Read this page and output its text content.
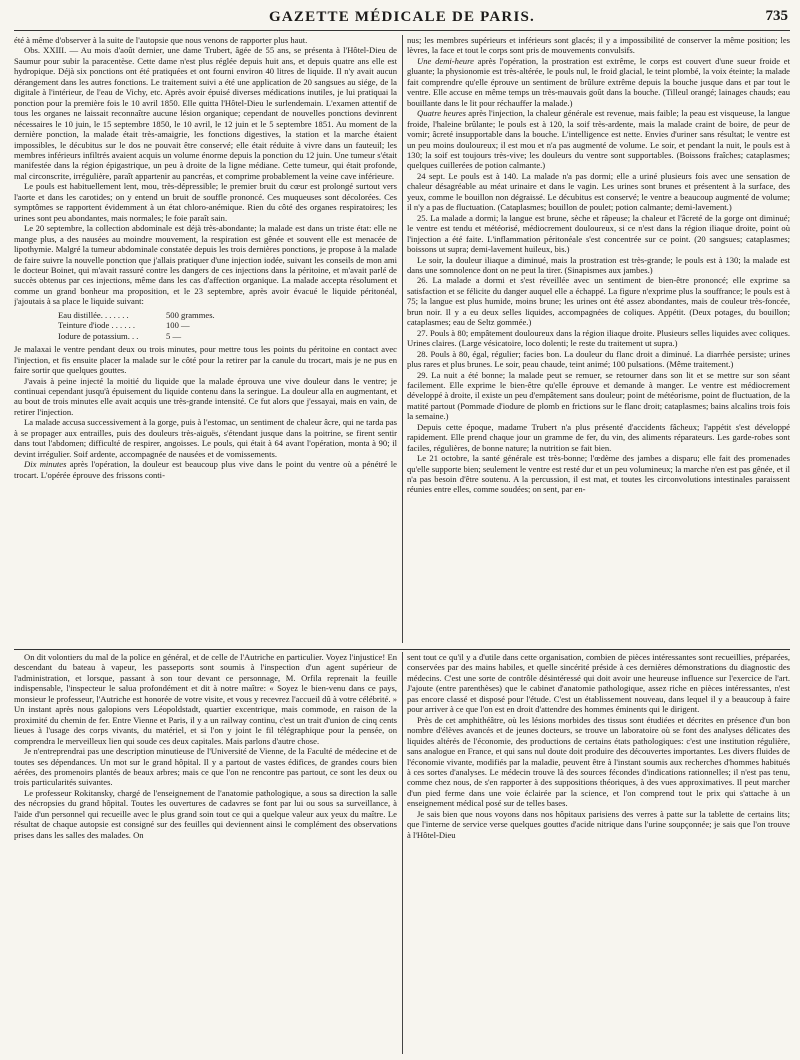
GAZETTE MÉDICALE DE PARIS.	735

été à même d'observer à la suite de l'autopsie que nous venons de rapporter plus haut.

Obs. XXIII. — Au mois d'août dernier, une dame Trubert, âgée de 55 ans, se présenta à l'Hôtel-Dieu de Saumur pour subir la paracentèse. Cette dame n'est plus réglée depuis huit ans, et depuis quatre ans elle est hydropique. Déjà six ponctions ont été pratiquées et ont fourni environ 40 litres de liquide. Il n'y avait aucun dérangement dans les autres fonctions. Le traitement suivi a été une application de 20 sangsues au siége, de la digitale à l'intérieur, de l'eau de Vichy, etc. Après avoir épuisé diverses médications inutiles, je lui pratiquai la ponction pour la première fois le 10 avril 1850. Elle quitta l'Hôtel-Dieu le surlendemain. L'examen attentif de tous les organes ne laissait reconnaître aucune lésion organique; cependant de nouvelles ponctions devinrent nécessaires le 10 juin, le 15 septembre 1850, le 10 avril, le 12 juin et le 5 septembre 1851. Au moment de la dernière ponction, la malade était très-amaigrie, les fonctions digestives, la station et la marche étaient impossibles, le décubitus sur le dos ne pouvait être conservé; elle était réduite à vivre dans un fauteuil; les membres inférieurs infiltrés avaient acquis un volume énorme depuis la ponction du 12 juin. Une tumeur s'était manifestée dans la région épigastrique, un peu à droite de la ligne médiane. Cette tumeur, qui était profonde, mal circonscrite, irrégulière, paraît appartenir au pancréas, et comprime probablement la veine cave inférieure.

Le pouls est habituellement lent, mou, très-dépressible; le premier bruit du cœur est prolongé surtout vers l'aorte et dans les carotides; on y entend un bruit de souffle prononcé. Ces muqueuses sont décolorées. Ces symptômes se rapportent évidemment à un état chloro-anémique. Rien du côté des organes respiratoires; les urines sont peu abondantes, mais normales; le foie paraît sain.

Le 20 septembre, la collection abdominale est déjà très-abondante; la malade est dans un triste état: elle ne mange plus, a des nausées au moindre mouvement, la respiration est gênée et souvent elle est menacée de lipothymie. Malgré la tumeur abdominale constatée depuis les trois dernières ponctions, je propose à la malade de faire suivre la nouvelle ponction que j'allais pratiquer d'une injection iodée, suivant les conseils de mon ami le docteur Boinet, qui m'avait rassuré contre les dangers de ces injections dans la péritoine, et m'avait parlé de succès obtenus par ces injections, même dans les cas d'affection organique. La malade accepta résolument et comme un grand bonheur ma proposition, et le 23 septembre, après avoir évacué le liquide péritonéal, j'ajoutais à sa place le liquide suivant:

Eau distillée. . . . . . .	500 grammes.
Teinture d'iode . . . . . .	100 —
Iodure de potassium. . .	5 —

Je malaxai le ventre pendant deux ou trois minutes, pour mettre tous les points du péritoine en contact avec l'injection, et fis ensuite placer la malade sur le côté pour la retirer par la canule du trocart, mais je ne pus en faire sortir que quelques gouttes.

J'avais à peine injecté la moitié du liquide que la malade éprouva une vive douleur dans le ventre; je continuai cependant jusqu'à épuisement du liquide contenu dans la seringue. La douleur alla en augmentant, et au bout de trois minutes elle avait acquis une très-grande intensité. Ce fut alors que j'essayai, mais en vain, de retirer l'injection.

La malade accusa successivement à la gorge, puis à l'estomac, un sentiment de chaleur âcre, qui ne tarda pas à se propager aux entrailles, puis des douleurs très-aiguës, s'étendant jusque dans la poitrine, se firent sentir dans tout l'abdomen; difficulté de respirer, angoisses. Le pouls, qui était à 64 avant l'opération, monta à 90; il devint irrégulier. Soif ardente, accompagnée de nausées et de vomissements.

Dix minutes après l'opération, la douleur est beaucoup plus vive dans le point du ventre où a pénétré le trocart. L'opérée éprouve des frissons conti-

nus; les membres supérieurs et inférieurs sont glacés; il y a impossibilité de conserver la même position; les lèvres, la face et tout le corps sont pris de mouvements convulsifs.

Une demi-heure après l'opération, la prostration est extrême, le corps est couvert d'une sueur froide et gluante; la physionomie est très-altérée, le pouls nul, le froid glacial, le teint plombé, la voix éteinte; la malade fait comprendre qu'elle éprouve un sentiment de brûlure extrême depuis la bouche jusque dans et par tout le ventre. Elle accuse en même temps un très-mauvais goût dans la bouche. (Tilleul orangé; lainages chauds; eau bouillante dans le lit pour réchauffer la malade.)

Quatre heures après l'injection, la chaleur générale est revenue, mais faible; la peau est visqueuse, la langue froide, l'haleine brûlante; le pouls est à 120, la soif très-ardente, mais la malade craint de boire, de peur de vomir; âcreté insupportable dans la bouche. L'intelligence est nette. Envies d'uriner sans résultat; le ventre est un peu moins douloureux; il est mou et n'a pas augmenté de volume. Le soir, et pendant la nuit, le pouls est à 130; la soif est toujours très-vive; les douleurs du ventre sont supportables. (Boissons fraîches; cataplasmes; quelques cuillerées de potion calmante.)

24 sept. Le pouls est à 140. La malade n'a pas dormi; elle a uriné plusieurs fois avec une sensation de chaleur désagréable au méat urinaire et dans le vagin. Les urines sont brunes et présentent à la surface, des yeux, comme le bouillon non dégraissé. Le décubitus est conservé; le ventre a beaucoup augmenté de volume; il n'y a pas de fluctuation. (Cataplasmes; bouillon de poulet; potion calmante; demi-lavement.)

25. La malade a dormi; la langue est brune, sèche et râpeuse; la chaleur et l'âcreté de la gorge ont diminué; le ventre est tendu et météorisé, médiocrement douloureux, si ce n'est dans la région iliaque droite, point où l'injection a été faite. L'inflammation péritonéale s'est concentrée sur ce point. (20 sangsues; cataplasmes; boissons ut supra; demi-lavement huileux, bis.)

Le soir, la douleur iliaque a diminué, mais la prostration est très-grande; le pouls est à 130; la malade est dans une somnolence dont on ne peut la tirer. (Sinapismes aux jambes.)

26. La malade a dormi et s'est réveillée avec un sentiment de bien-être prononcé; elle exprime sa satisfaction et se félicite du danger auquel elle a échappé. La figure n'exprime plus la souffrance; le pouls est à 75; la langue est plus humide, moins brune; les urines ont été assez abondantes, mais de couleur très-foncée, brun noir. Il y a eu deux selles liquides, accompagnées de coliques. Appétit. (Deux potages, du bouillon; cataplasmes; eau de Seltz gommée.)

27. Pouls à 80; empâtement douloureux dans la région iliaque droite. Plusieurs selles liquides avec coliques. Urines claires. (Large vésicatoire, loco dolenti; le reste du traitement ut supra.)

28. Pouls à 80, égal, régulier; facies bon. La douleur du flanc droit a diminué. La diarrhée persiste; urines plus rares et plus brunes. Le soir, peau chaude, teint animé; 100 pulsations. (Même traitement.)

29. La nuit a été bonne; la malade peut se remuer, se retourner dans son lit et se mettre sur son séant facilement. Elle exprime le bien-être qu'elle éprouve et demande à manger. Le ventre est médiocrement développé à droite, il existe un peu d'empâtement sans douleur; point de météorisme, point de fluctuation, de la matité partout (Pommade d'iodure de plomb en frictions sur le flanc droit; cataplasmes; bains alcalins trois fois la semaine.)

Depuis cette époque, madame Trubert n'a plus présenté d'accidents fâcheux; l'appétit s'est développé rapidement. Elle prend chaque jour un gramme de fer, du vin, des aliments réparateurs. Les garde-robes sont faciles, régulières, de bonne nature; la nutrition se fait bien.

Le 21 octobre, la santé générale est très-bonne; l'œdème des jambes a disparu; elle fait des promenades qu'elle supporte bien; seulement le ventre est resté dur et un peu volumineux; la marche n'en est pas gênée, et il n'a pas besoin d'être soutenu. A la percussion, il est mat, et toutes les circonvolutions intestinales paraissent réunies entre elles, comme soudées; on sent, par en-

On dit volontiers du mal de la police en général, et de celle de l'Autriche en particulier. Voyez l'injustice! En descendant du bateau à vapeur, les passeports sont soumis à l'inspection d'un agent supérieur de l'administration, et lorsque, passant à son tour devant ce personnage, M. Orfila reprenait la feuille indispensable, l'inspecteur le salua profondément et dit à notre maître: « Soyez le bien-venu dans ce pays, monsieur le professeur, l'Autriche est honorée de votre visite, et vous y recevrez l'accueil dû à votre célébrité. » Un instant après nous galopions vers Léopoldstadt, quartier excentrique, mais commode, en raison de la proximité du chemin de fer. Entre Vienne et Paris, il y a un railway continu, c'est un trait d'union de cinq cents lieues à l'usage des corps vivants, du matériel, et si l'on y joint le fil télégraphique pour la pensée, on comprendra le merveilleux lien qui soude ces deux capitales. Mais parlons d'autre chose.

Je n'entreprendrai pas une description minutieuse de l'Université de Vienne, de la Faculté de médecine et de toutes ses dépendances. Un mot sur le grand hôpital. Il y a partout de vastes édifices, de grandes cours bien aérées, des promenoirs plantés de beaux arbres; mais ce que l'on ne rencontre pas partout, ce sont les deux ou trois particularités suivantes.

Le professeur Rokitansky, chargé de l'enseignement de l'anatomie pathologique, a sous sa direction la salle des nécropsies du grand hôpital. Toutes les ouvertures de cadavres se font par lui ou sous sa surveillance, à l'aide d'un personnel qui recueille avec le plus grand soin tout ce qui a quelque valeur aux yeux du maître. Le résultat de chaque autopsie est consigné sur des feuilles qui deviennent ainsi le complément des observations prises dans les salles des malades. On

sent tout ce qu'il y a d'utile dans cette organisation, combien de pièces intéressantes sont recueillies, préparées, conservées par des mains habiles, et quelle sincérité préside à ces dernières démonstrations du diagnostic des médecins. C'est une sorte de contrôle désintéressé qui doit avoir une heureuse influence sur l'exercice de l'art. J'ajoute (entre parenthèses) que le cabinet d'anatomie pathologique, assez riche en pièces intéressantes, n'est pas encore classé et disposé pour l'étude. C'est un établissement nouveau, dans lequel il y a beaucoup à faire pour arriver à ce que l'on est en droit d'attendre des hommes éminents qui le dirigent.

Près de cet amphithéâtre, où les lésions morbides des tissus sont étudiées et décrites en présence d'un bon nombre d'élèves avancés et de jeunes docteurs, se trouve un laboratoire où se font des analyses délicates des liquides altérés de l'économie, des productions de certains états pathologiques: c'est une institution régulière, sans analogue en France, et qui sans nul doute doit produire des découvertes importantes. Les divers fluides de l'économie vivante, modifiés par la maladie, peuvent être à l'instant soumis aux recherches d'hommes habitués à ces sortes d'analyses. Le médecin trouve là des sources fécondes d'indications rationnelles; il n'est pas tenu, comme chez nous, de s'en rapporter à des suppositions théoriques, à des vues approximatives. Il peut marcher d'un pied ferme dans une voie éclairée par la science, et l'on comprend tout le prix qui s'attache à un enseignement médical posé sur de telles bases.

Je sais bien que nous voyons dans nos hôpitaux parisiens des verres à patte sur la tablette de certains lits; que l'interne de service verse quelques gouttes d'acide nitrique dans l'urine soupçonnée; je sais que l'on trouve à l'Hôtel-Dieu
